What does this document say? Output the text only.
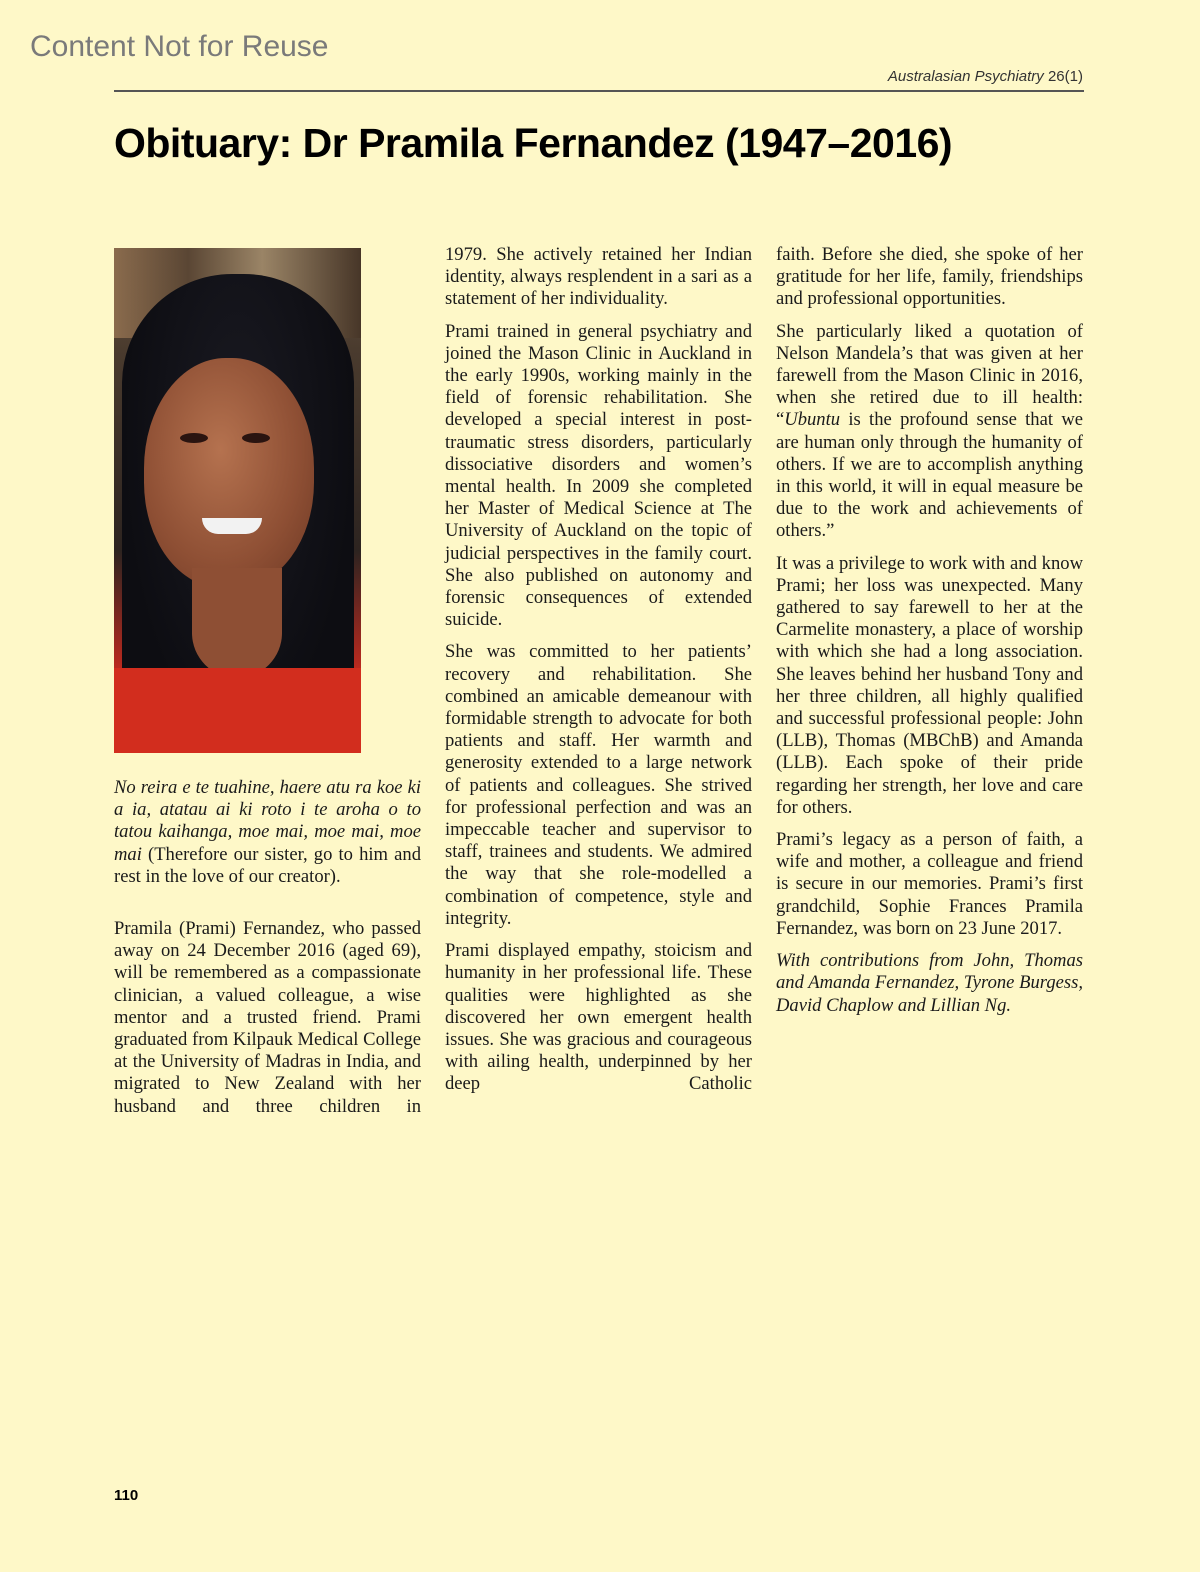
Content Not for Reuse
Australasian Psychiatry 26(1)
Obituary: Dr Pramila Fernandez (1947–2016)

No reira e te tuahine, haere atu ra koe ki a ia, atatau ai ki roto i te aroha o to tatou kaihanga, moe mai, moe mai, moe mai (Therefore our sister, go to him and rest in the love of our creator).

Pramila (Prami) Fernandez, who passed away on 24 December 2016 (aged 69), will be remembered as a compassionate clinician, a valued colleague, a wise mentor and a trusted friend. Prami graduated from Kilpauk Medical College at the University of Madras in India, and migrated to New Zealand with her husband and three children in

1979. She actively retained her Indian identity, always resplendent in a sari as a statement of her individuality.

Prami trained in general psychiatry and joined the Mason Clinic in Auckland in the early 1990s, working mainly in the field of forensic rehabilitation. She developed a special interest in post-traumatic stress disorders, particularly dissociative disorders and women’s mental health. In 2009 she completed her Master of Medical Science at The University of Auckland on the topic of judicial perspectives in the family court. She also published on autonomy and forensic consequences of extended suicide.

She was committed to her patients’ recovery and rehabilitation. She combined an amicable demeanour with formidable strength to advocate for both patients and staff. Her warmth and generosity extended to a large network of patients and colleagues. She strived for professional perfection and was an impeccable teacher and supervisor to staff, trainees and students. We admired the way that she role-modelled a combination of competence, style and integrity.

Prami displayed empathy, stoicism and humanity in her professional life. These qualities were highlighted as she discovered her own emergent health issues. She was gracious and courageous with ailing health, underpinned by her deep Catholic

faith. Before she died, she spoke of her gratitude for her life, family, friendships and professional opportunities.

She particularly liked a quotation of Nelson Mandela’s that was given at her farewell from the Mason Clinic in 2016, when she retired due to ill health: “Ubuntu is the profound sense that we are human only through the humanity of others. If we are to accomplish anything in this world, it will in equal measure be due to the work and achievements of others.”

It was a privilege to work with and know Prami; her loss was unexpected. Many gathered to say farewell to her at the Carmelite monastery, a place of worship with which she had a long association. She leaves behind her husband Tony and her three children, all highly qualified and successful professional people: John (LLB), Thomas (MBChB) and Amanda (LLB). Each spoke of their pride regarding her strength, her love and care for others.

Prami’s legacy as a person of faith, a wife and mother, a colleague and friend is secure in our memories. Prami’s first grandchild, Sophie Frances Pramila Fernandez, was born on 23 June 2017.

With contributions from John, Thomas and Amanda Fernandez, Tyrone Burgess, David Chaplow and Lillian Ng.

110
